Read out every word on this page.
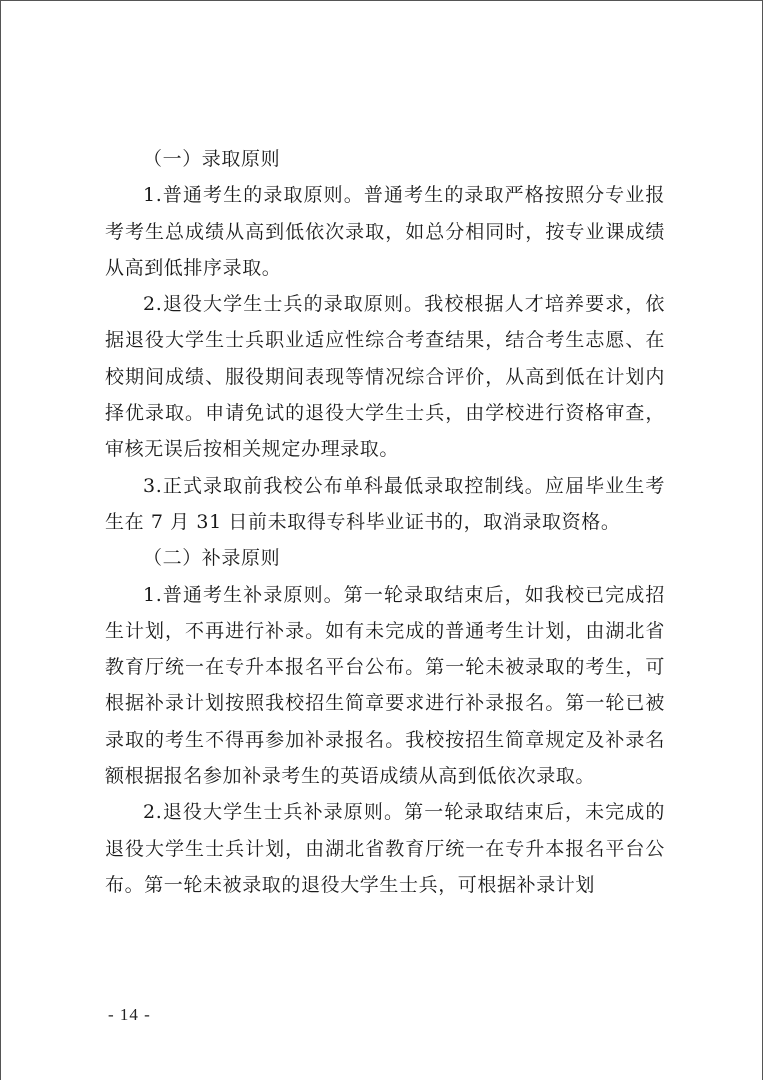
（一）录取原则

1.普通考生的录取原则。普通考生的录取严格按照分专业报考考生总成绩从高到低依次录取，如总分相同时，按专业课成绩从高到低排序录取。

2.退役大学生士兵的录取原则。我校根据人才培养要求，依据退役大学生士兵职业适应性综合考查结果，结合考生志愿、在校期间成绩、服役期间表现等情况综合评价，从高到低在计划内择优录取。申请免试的退役大学生士兵，由学校进行资格审查，审核无误后按相关规定办理录取。

3.正式录取前我校公布单科最低录取控制线。应届毕业生考生在 7 月 31 日前未取得专科毕业证书的，取消录取资格。

（二）补录原则

1.普通考生补录原则。第一轮录取结束后，如我校已完成招生计划，不再进行补录。如有未完成的普通考生计划，由湖北省教育厅统一在专升本报名平台公布。第一轮未被录取的考生，可根据补录计划按照我校招生简章要求进行补录报名。第一轮已被录取的考生不得再参加补录报名。我校按招生简章规定及补录名额根据报名参加补录考生的英语成绩从高到低依次录取。

2.退役大学生士兵补录原则。第一轮录取结束后，未完成的退役大学生士兵计划，由湖北省教育厅统一在专升本报名平台公布。第一轮未被录取的退役大学生士兵，可根据补录计划

- 14 -
